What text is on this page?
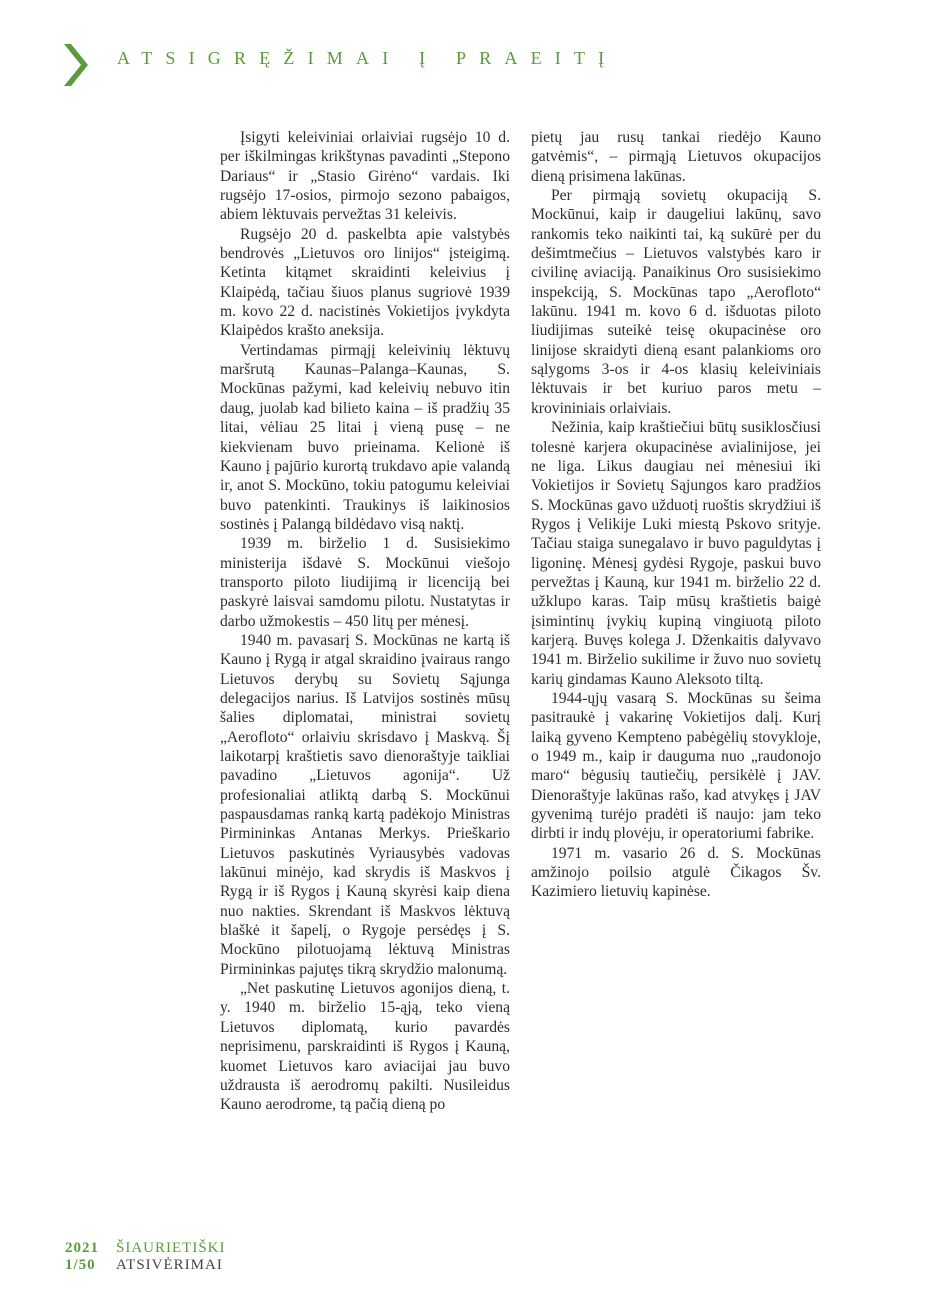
ATSIGRĘŽIMAI Į PRAEITĮ

Įsigyti keleiviniai orlaiviai rugsėjo 10 d. per iškilmingas krikštynas pavadinti „Stepono Dariaus“ ir „Stasio Girėno“ vardais. Iki rugsėjo 17-osios, pirmojo sezono pabaigos, abiem lėktuvais pervežtas 31 keleivis.

Rugsėjo 20 d. paskelbta apie valstybės bendrovės „Lietuvos oro linijos“ įsteigimą. Ketinta kitąmet skraidinti keleivius į Klaipėdą, tačiau šiuos planus sugriovė 1939 m. kovo 22 d. nacistinės Vokietijos įvykdyta Klaipėdos krašto aneksija.

Vertindamas pirmąjį keleivinių lėktuvų maršrutą Kaunas–Palanga–Kaunas, S. Mockūnas pažymi, kad keleivių nebuvo itin daug, juolab kad bilieto kaina – iš pradžių 35 litai, vėliau 25 litai į vieną pusę – ne kiekvienam buvo prieinama. Kelionė iš Kauno į pajūrio kurortą trukdavo apie valandą ir, anot S. Mockūno, tokiu patogumu keleiviai buvo patenkinti. Traukinys iš laikinosios sostinės į Palangą bildėdavo visą naktį.

1939 m. birželio 1 d. Susisiekimo ministerija išdavė S. Mockūnui viešojo transporto piloto liudijimą ir licenciją bei paskyrė laisvai samdomu pilotu. Nustatytas ir darbo užmokestis – 450 litų per mėnesį.

1940 m. pavasarį S. Mockūnas ne kartą iš Kauno į Rygą ir atgal skraidino įvairaus rango Lietuvos derybų su Sovietų Sąjunga delegacijos narius. Iš Latvijos sostinės mūsų šalies diplomatai, ministrai sovietų „Aerofloto“ orlaiviu skrisdavo į Maskvą. Šį laikotarpį kraštietis savo dienoraštyje taikliai pavadino „Lietuvos agonija“. Už profesionaliai atliktą darbą S. Mockūnui paspausdamas ranką kartą padėkojo Ministras Pirmininkas Antanas Merkys. Prieškario Lietuvos paskutinės Vyriausybės vadovas lakūnui minėjo, kad skrydis iš Maskvos į Rygą ir iš Rygos į Kauną skyrėsi kaip diena nuo nakties. Skrendant iš Maskvos lėktuvą blaškė it šapelį, o Rygoje persėdęs į S. Mockūno pilotuojamą lėktuvą Ministras Pirmininkas pajutęs tikrą skrydžio malonumą.

„Net paskutinę Lietuvos agonijos dieną, t. y. 1940 m. birželio 15-ąją, teko vieną Lietuvos diplomatą, kurio pavardės neprisimenu, parskraidinti iš Rygos į Kauną, kuomet Lietuvos karo aviacijai jau buvo uždrausta iš aerodromų pakilti. Nusileidus Kauno aerodrome, tą pačią dieną po

pietų jau rusų tankai riedėjo Kauno gatvėmis“, – pirmąją Lietuvos okupacijos dieną prisimena lakūnas.

Per pirmąją sovietų okupaciją S. Mockūnui, kaip ir daugeliui lakūnų, savo rankomis teko naikinti tai, ką sukūrė per du dešimtmečius – Lietuvos valstybės karo ir civilinę aviaciją. Panaikinus Oro susisiekimo inspekciją, S. Mockūnas tapo „Aerofloto“ lakūnu. 1941 m. kovo 6 d. išduotas piloto liudijimas suteikė teisę okupacinėse oro linijose skraidyti dieną esant palankioms oro sąlygoms 3-os ir 4-os klasių keleiviniais lėktuvais ir bet kuriuo paros metu – krovininiais orlaiviais.

Nežinia, kaip kraštiečiui būtų susiklosčiusi tolesnė karjera okupacinėse avialinijose, jei ne liga. Likus daugiau nei mėnesiui iki Vokietijos ir Sovietų Sąjungos karo pradžios S. Mockūnas gavo užduotį ruoštis skrydžiui iš Rygos į Velikije Luki miestą Pskovo srityje. Tačiau staiga sunegalavo ir buvo paguldytas į ligoninę. Mėnesį gydėsi Rygoje, paskui buvo pervežtas į Kauną, kur 1941 m. birželio 22 d. užklupo karas. Taip mūsų kraštietis baigė įsimintinų įvykių kupiną vingiuotą piloto karjerą. Buvęs kolega J. Dženkaitis dalyvavo 1941 m. Birželio sukilime ir žuvo nuo sovietų karių gindamas Kauno Aleksoto tiltą.

1944-ųjų vasarą S. Mockūnas su šeima pasitraukė į vakarinę Vokietijos dalį. Kurį laiką gyveno Kempteno pabėgėlių stovykloje, o 1949 m., kaip ir dauguma nuo „raudonojo maro“ bėgusių tautiečių, persikėlė į JAV. Dienoraštyje lakūnas rašo, kad atvykęs į JAV gyvenimą turėjo pradėti iš naujo: jam teko dirbti ir indų plovėju, ir operatoriumi fabrike.

1971 m. vasario 26 d. S. Mockūnas amžinojo poilsio atgulė Čikagos Šv. Kazimiero lietuvių kapinėse.

2021	ŠIAURIETIŠKI
1/50	ATSIVĖRIMAI
